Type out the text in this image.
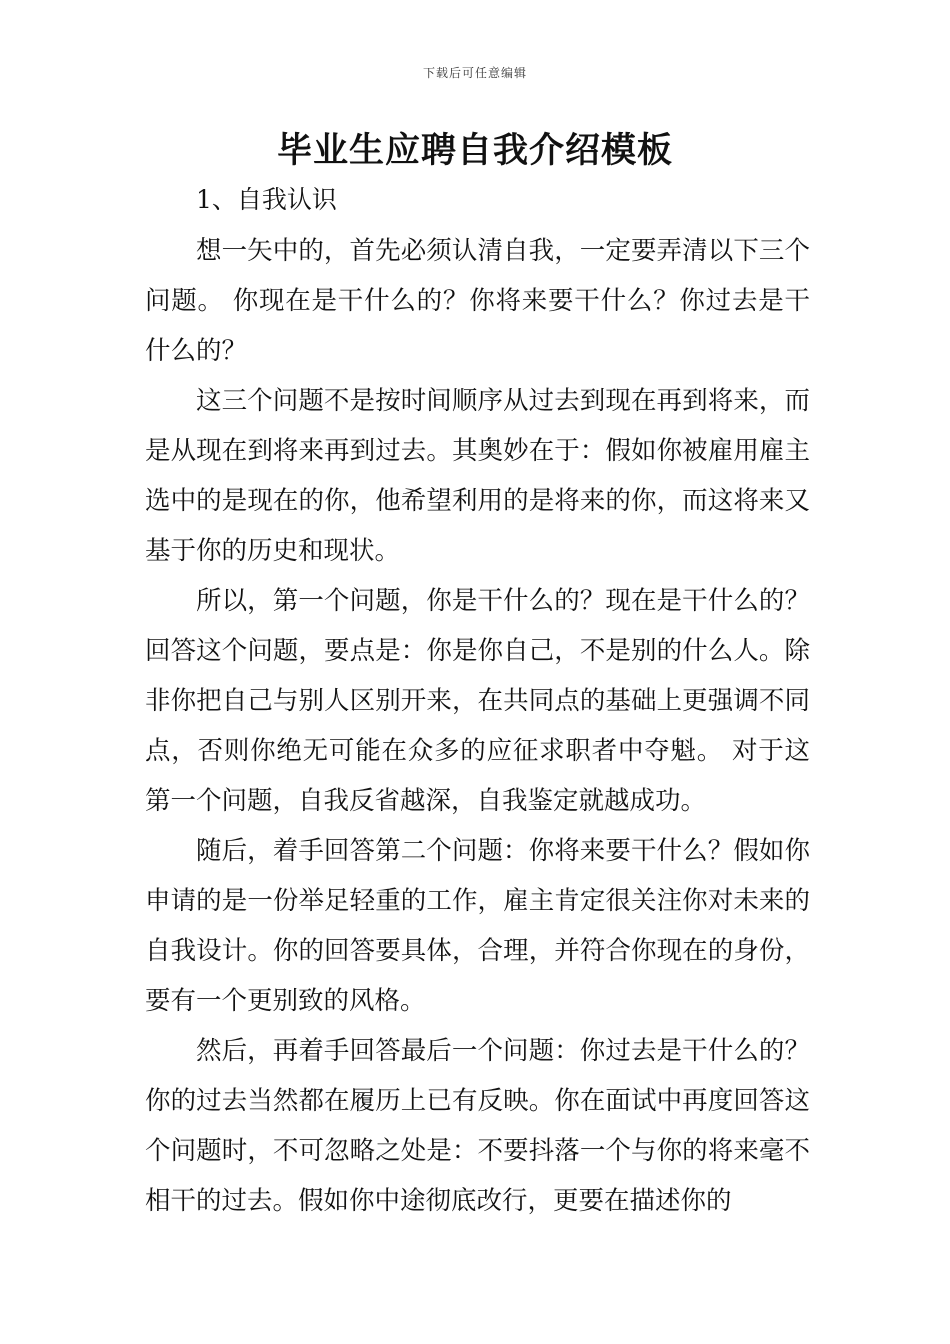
下载后可任意编辑
毕业生应聘自我介绍模板

1、自我认识

想一矢中的，首先必须认清自我，一定要弄清以下三个问题。 你现在是干什么的？你将来要干什么？你过去是干什么的？

这三个问题不是按时间顺序从过去到现在再到将来，而是从现在到将来再到过去。其奥妙在于：假如你被雇用雇主选中的是现在的你，他希望利用的是将来的你，而这将来又基于你的历史和现状。

所以，第一个问题，你是干什么的？现在是干什么的？回答这个问题，要点是：你是你自己，不是别的什么人。除非你把自己与别人区别开来，在共同点的基础上更强调不同点，否则你绝无可能在众多的应征求职者中夺魁。 对于这第一个问题，自我反省越深，自我鉴定就越成功。

随后，着手回答第二个问题：你将来要干什么？假如你申请的是一份举足轻重的工作，雇主肯定很关注你对未来的自我设计。你的回答要具体，合理，并符合你现在的身份，要有一个更别致的风格。

然后，再着手回答最后一个问题：你过去是干什么的？你的过去当然都在履历上已有反映。你在面试中再度回答这个问题时，不可忽略之处是：不要抖落一个与你的将来毫不相干的过去。假如你中途彻底改行，更要在描述你的
